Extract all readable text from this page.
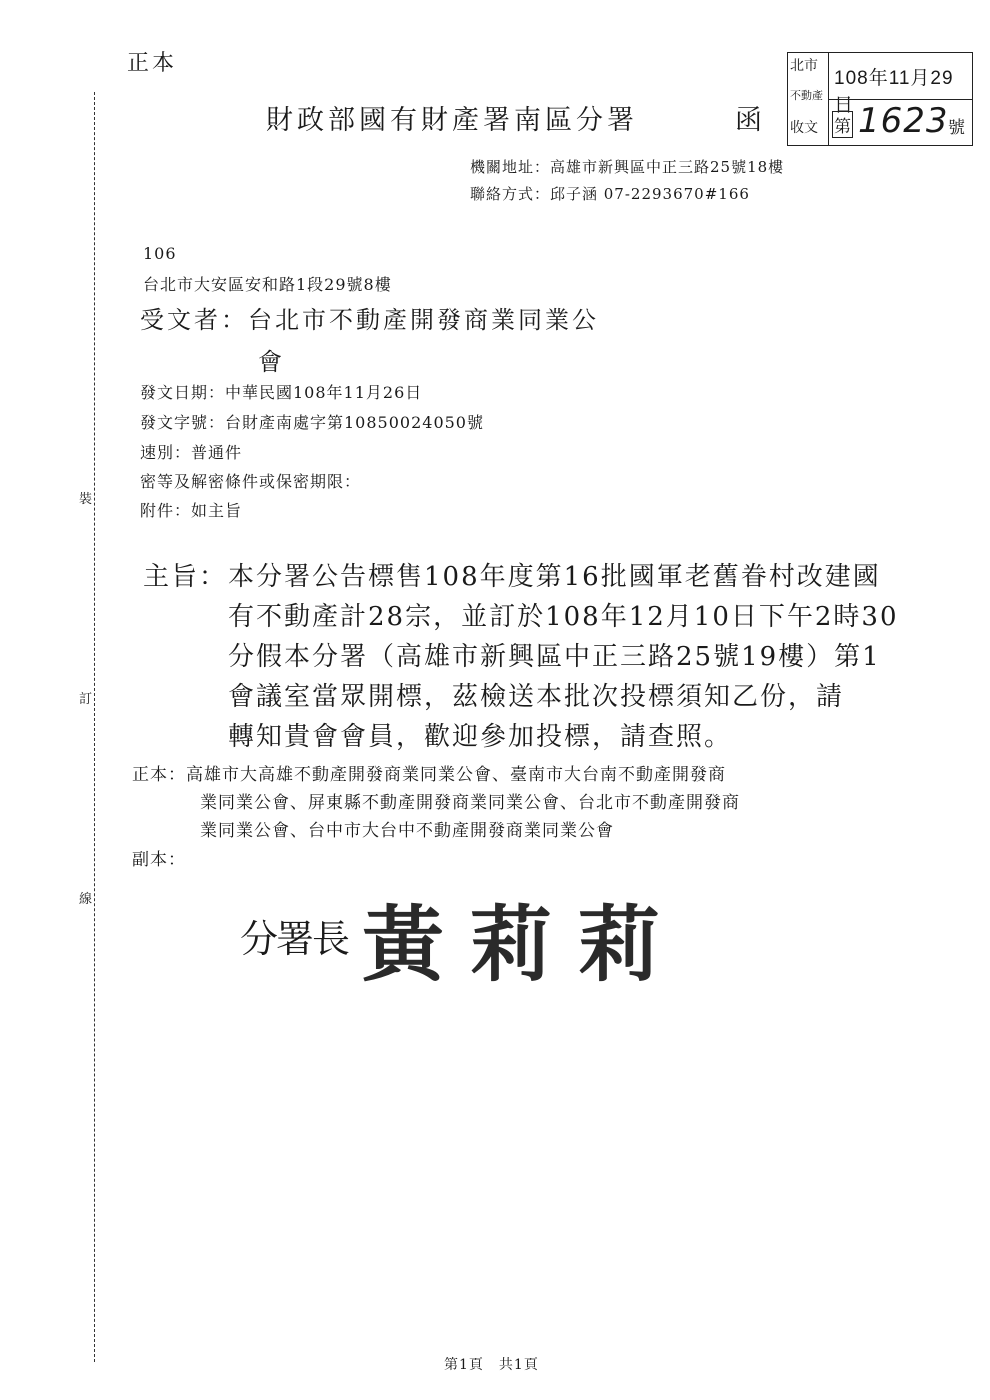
裝
訂
線
正本
財政部國有財產署南區分署	函
北市
不動產
收文
108年11月29日
第 1623 號
機關地址：高雄市新興區中正三路25號18樓
聯絡方式：邱子涵 07-2293670#166
106
台北市大安區安和路1段29號8樓
受文者：台北市不動產開發商業同業公
會
發文日期：中華民國108年11月26日
發文字號：台財產南處字第10850024050號
速別：普通件
密等及解密條件或保密期限：
附件：如主旨
主旨： 本分署公告標售108年度第16批國軍老舊眷村改建國
有不動產計28宗，並訂於108年12月10日下午2時30
分假本分署（高雄市新興區中正三路25號19樓）第1
會議室當眾開標，茲檢送本批次投標須知乙份，請
轉知貴會會員，歡迎參加投標，請查照。
正本：高雄市大高雄不動產開發商業同業公會、臺南市大台南不動產開發商
業同業公會、屏東縣不動產開發商業同業公會、台北市不動產開發商
業同業公會、台中市大台中不動產開發商業同業公會
副本：
分署長 黃莉莉
第1頁　共1頁
